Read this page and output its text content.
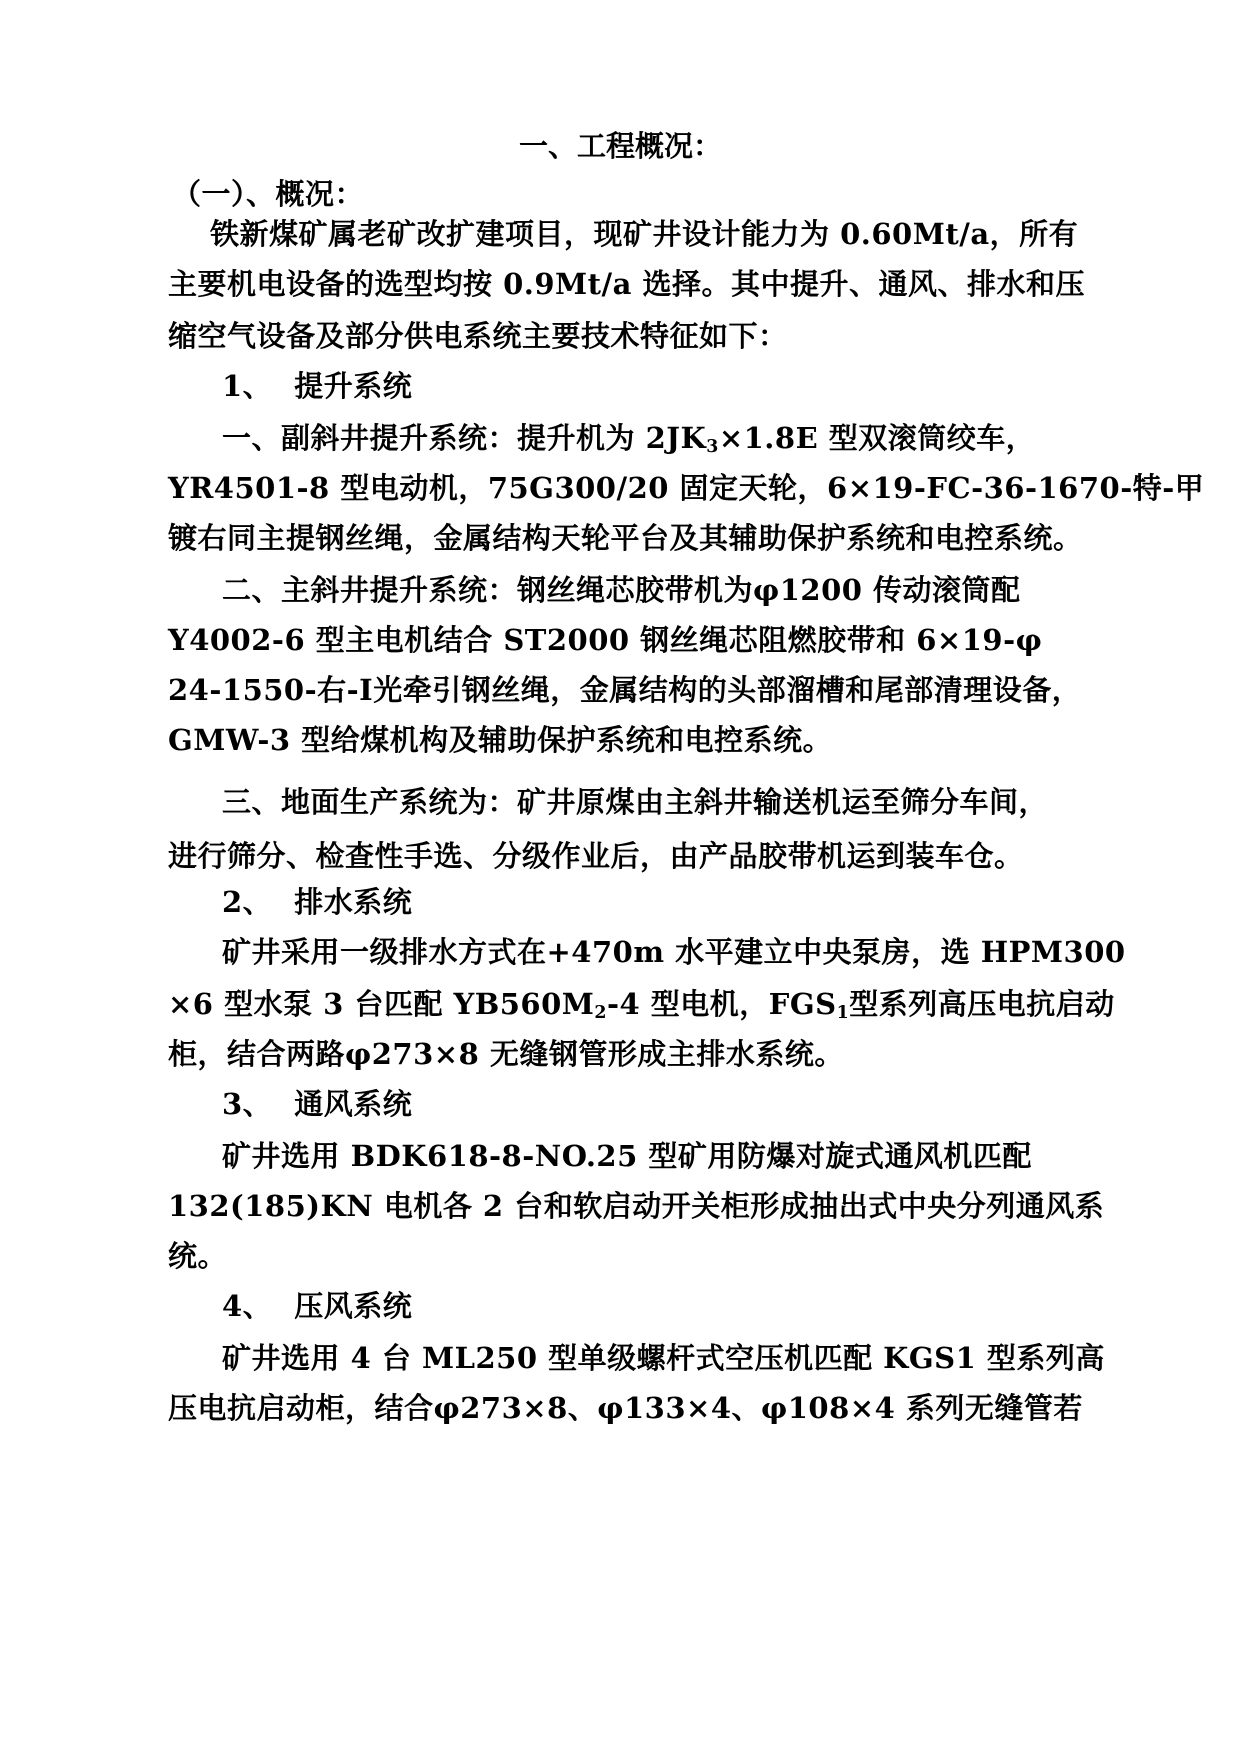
一、工程概况：
（一）、概况：
铁新煤矿属老矿改扩建项目，现矿井设计能力为 0.60Mt/a，所有
主要机电设备的选型均按 0.9Mt/a 选择。其中提升、通风、排水和压
缩空气设备及部分供电系统主要技术特征如下：
1、 提升系统
一、副斜井提升系统：提升机为 $2JK_3\times 1.8E$ 型双滚筒绞车，
YR4501-8 型电动机，75G300/20 固定天轮，6×19-FC-36-1670-特-甲
镀右同主提钢丝绳，金属结构天轮平台及其辅助保护系统和电控系统。
二、主斜井提升系统：钢丝绳芯胶带机为φ1200 传动滚筒配
Y4002-6 型主电机结合 ST2000 钢丝绳芯阻燃胶带和 6×19-φ
24-1550-右-Ⅰ光牵引钢丝绳，金属结构的头部溜槽和尾部清理设备，
GMW-3 型给煤机构及辅助保护系统和电控系统。
三、地面生产系统为：矿井原煤由主斜井输送机运至筛分车间，
进行筛分、检查性手选、分级作业后，由产品胶带机运到装车仓。
2、 排水系统
矿井采用一级排水方式在+470m 水平建立中央泵房，选 HPM300
×6 型水泵 3 台匹配 $YB560M_2-4$ 型电机，$FGS_1$型系列高压电抗启动
柜，结合两路φ273×8 无缝钢管形成主排水系统。
3、 通风系统
矿井选用 BDK618-8-NO.25 型矿用防爆对旋式通风机匹配
132(185)KN 电机各 2 台和软启动开关柜形成抽出式中央分列通风系
统。
4、 压风系统
矿井选用 4 台 ML250 型单级螺杆式空压机匹配 KGS1 型系列高
压电抗启动柜，结合φ273×8、φ133×4、φ108×4 系列无缝管若
